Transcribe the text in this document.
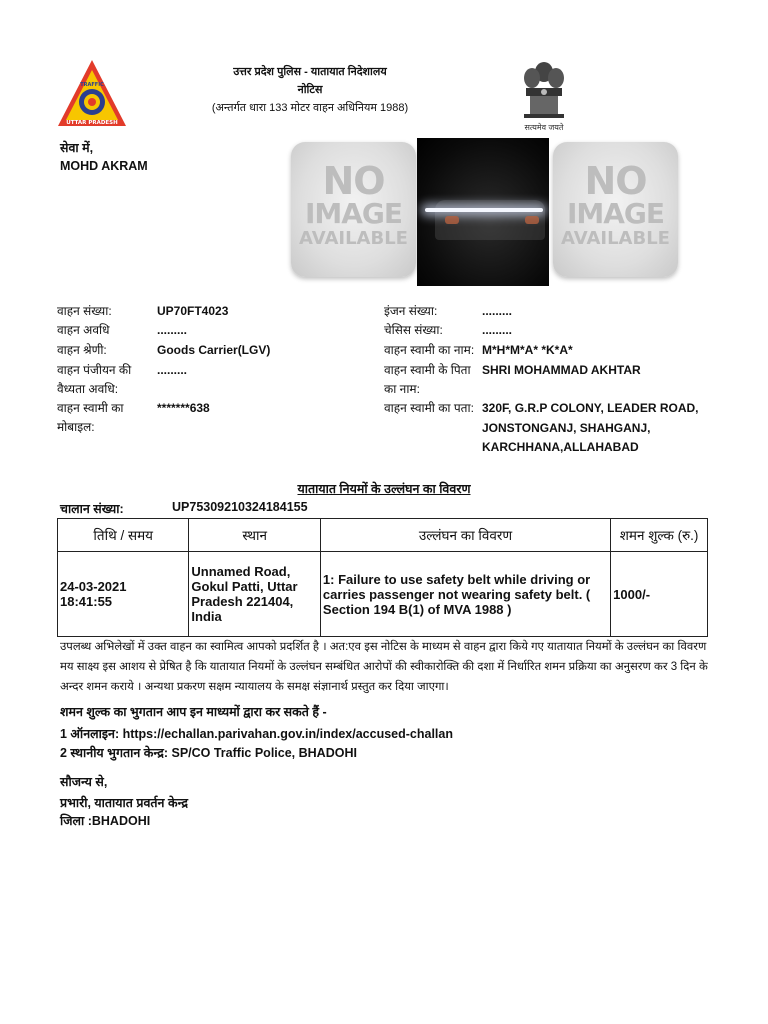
TRAFFIC
UTTAR PRADESH
उत्तर प्रदेश पुलिस - यातायात निदेशालय
नोटिस
(अन्तर्गत धारा 133 मोटर वाहन अधिनियम 1988)
सत्यमेव जयते
सेवा में,
MOHD AKRAM	NO
IMAGE
AVAILABLE
NO
IMAGE
AVAILABLE
वाहन संख्या:	UP70FT4023
वाहन अवधि	.........
वाहन श्रेणी:	Goods Carrier(LGV)
वाहन पंजीयन की .........
वैध्यता अवधि:
वाहन स्वामी का	*******638
मोबाइल:
इंजन संख्या:	.........
चेसिस संख्या:	.........
वाहन स्वामी का नाम: M*H*M*A* *K*A*
वाहन स्वामी के पिता SHRI MOHAMMAD AKHTAR
का नाम:
वाहन स्वामी का पता: 320F, G.R.P COLONY, LEADER ROAD,
JONSTONGANJ, SHAHGANJ,
KARCHHANA,ALLAHABAD
यातायात नियमों के उल्लंघन का विवरण
चालान संख्या:	UP75309210324184155
तिथि / समय	स्थान	उल्लंघन का विवरण	शमन शुल्क (रु.)

24-03-2021
18:41:55	Unnamed Road, Gokul Patti, Uttar Pradesh 221404, India	1: Failure to use safety belt while driving or carries passenger not wearing safety belt. ( Section 194 B(1) of MVA 1988 )	1000/-
उपलब्ध अभिलेखों में उक्त वाहन का स्वामित्व आपको प्रदर्शित है । अत:एव इस नोटिस के माध्यम से वाहन द्वारा किये गए यातायात नियमों के उल्लंघन का विवरण मय साक्ष्य इस आशय से प्रेषित है कि यातायात नियमों के उल्लंघन सम्बंधित आरोपों की स्वीकारोक्ति की दशा में निर्धारित शमन प्रक्रिया का अनुसरण कर 3 दिन के अन्दर शमन कराये । अन्यथा प्रकरण सक्षम न्यायालय के समक्ष संज्ञानार्थ प्रस्तुत कर दिया जाएगा।
शमन शुल्क का भुगतान आप इन माध्यमों द्वारा कर सकते हैं -
1 ऑनलाइन: https://echallan.parivahan.gov.in/index/accused-challan
2 स्थानीय भुगतान केन्द्र: SP/CO Traffic Police, BHADOHI
सौजन्य से,
प्रभारी, यातायात प्रवर्तन केन्द्र
जिला :BHADOHI
